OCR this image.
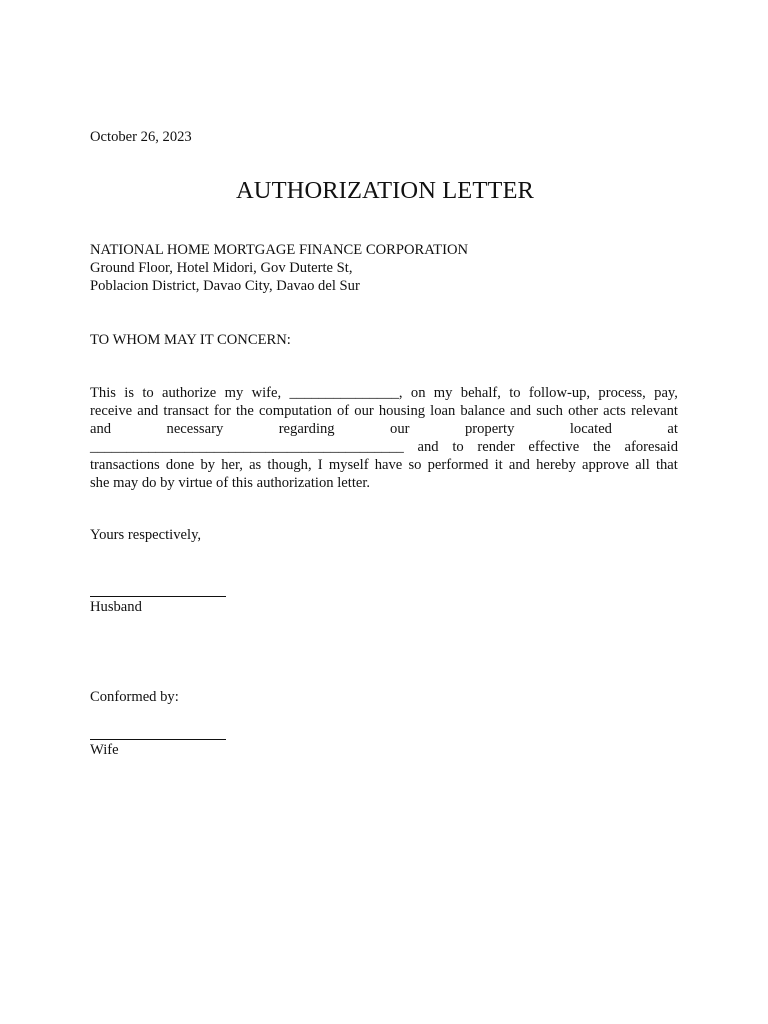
October 26, 2023
AUTHORIZATION LETTER
NATIONAL HOME MORTGAGE FINANCE CORPORATION
Ground Floor, Hotel Midori, Gov Duterte St,
Poblacion District, Davao City, Davao del Sur
TO WHOM MAY IT CONCERN:
This is to authorize my wife, _______________, on my behalf, to follow-up, process, pay,
receive and transact for the computation of our housing loan balance and such other acts relevant
and	necessary	regarding	our	property	located	at
___________________________________________ and to render effective the aforesaid
transactions done by her, as though, I myself have so performed it and hereby approve all that
she may do by virtue of this authorization letter.
Yours respectively,
Husband
Conformed by:
Wife
